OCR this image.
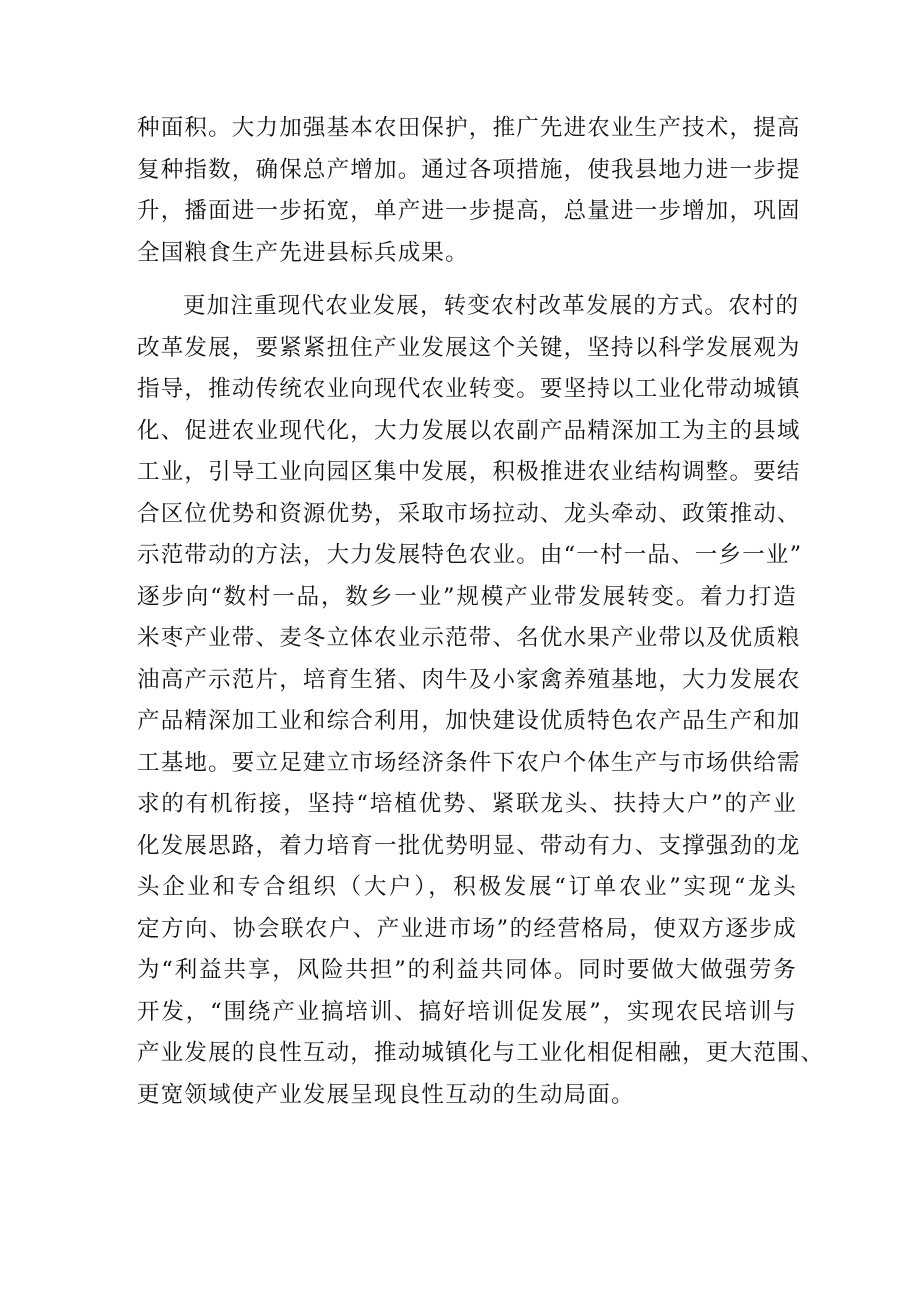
种面积。大力加强基本农田保护，推广先进农业生产技术，提高
复种指数，确保总产增加。通过各项措施，使我县地力进一步提
升，播面进一步拓宽，单产进一步提高，总量进一步增加，巩固
全国粮食生产先进县标兵成果。
更加注重现代农业发展，转变农村改革发展的方式。农村的
改革发展，要紧紧扭住产业发展这个关键，坚持以科学发展观为
指导，推动传统农业向现代农业转变。要坚持以工业化带动城镇
化、促进农业现代化，大力发展以农副产品精深加工为主的县域
工业，引导工业向园区集中发展，积极推进农业结构调整。要结
合区位优势和资源优势，采取市场拉动、龙头牵动、政策推动、
示范带动的方法，大力发展特色农业。由“一村一品、一乡一业”
逐步向“数村一品，数乡一业”规模产业带发展转变。着力打造
米枣产业带、麦冬立体农业示范带、名优水果产业带以及优质粮
油高产示范片，培育生猪、肉牛及小家禽养殖基地，大力发展农
产品精深加工业和综合利用，加快建设优质特色农产品生产和加
工基地。要立足建立市场经济条件下农户个体生产与市场供给需
求的有机衔接，坚持“培植优势、紧联龙头、扶持大户”的产业
化发展思路，着力培育一批优势明显、带动有力、支撑强劲的龙
头企业和专合组织（大户），积极发展“订单农业”实现“龙头
定方向、协会联农户、产业进市场”的经营格局，使双方逐步成
为“利益共享，风险共担”的利益共同体。同时要做大做强劳务
开发，“围绕产业搞培训、搞好培训促发展”，实现农民培训与
产业发展的良性互动，推动城镇化与工业化相促相融，更大范围、
更宽领域使产业发展呈现良性互动的生动局面。
